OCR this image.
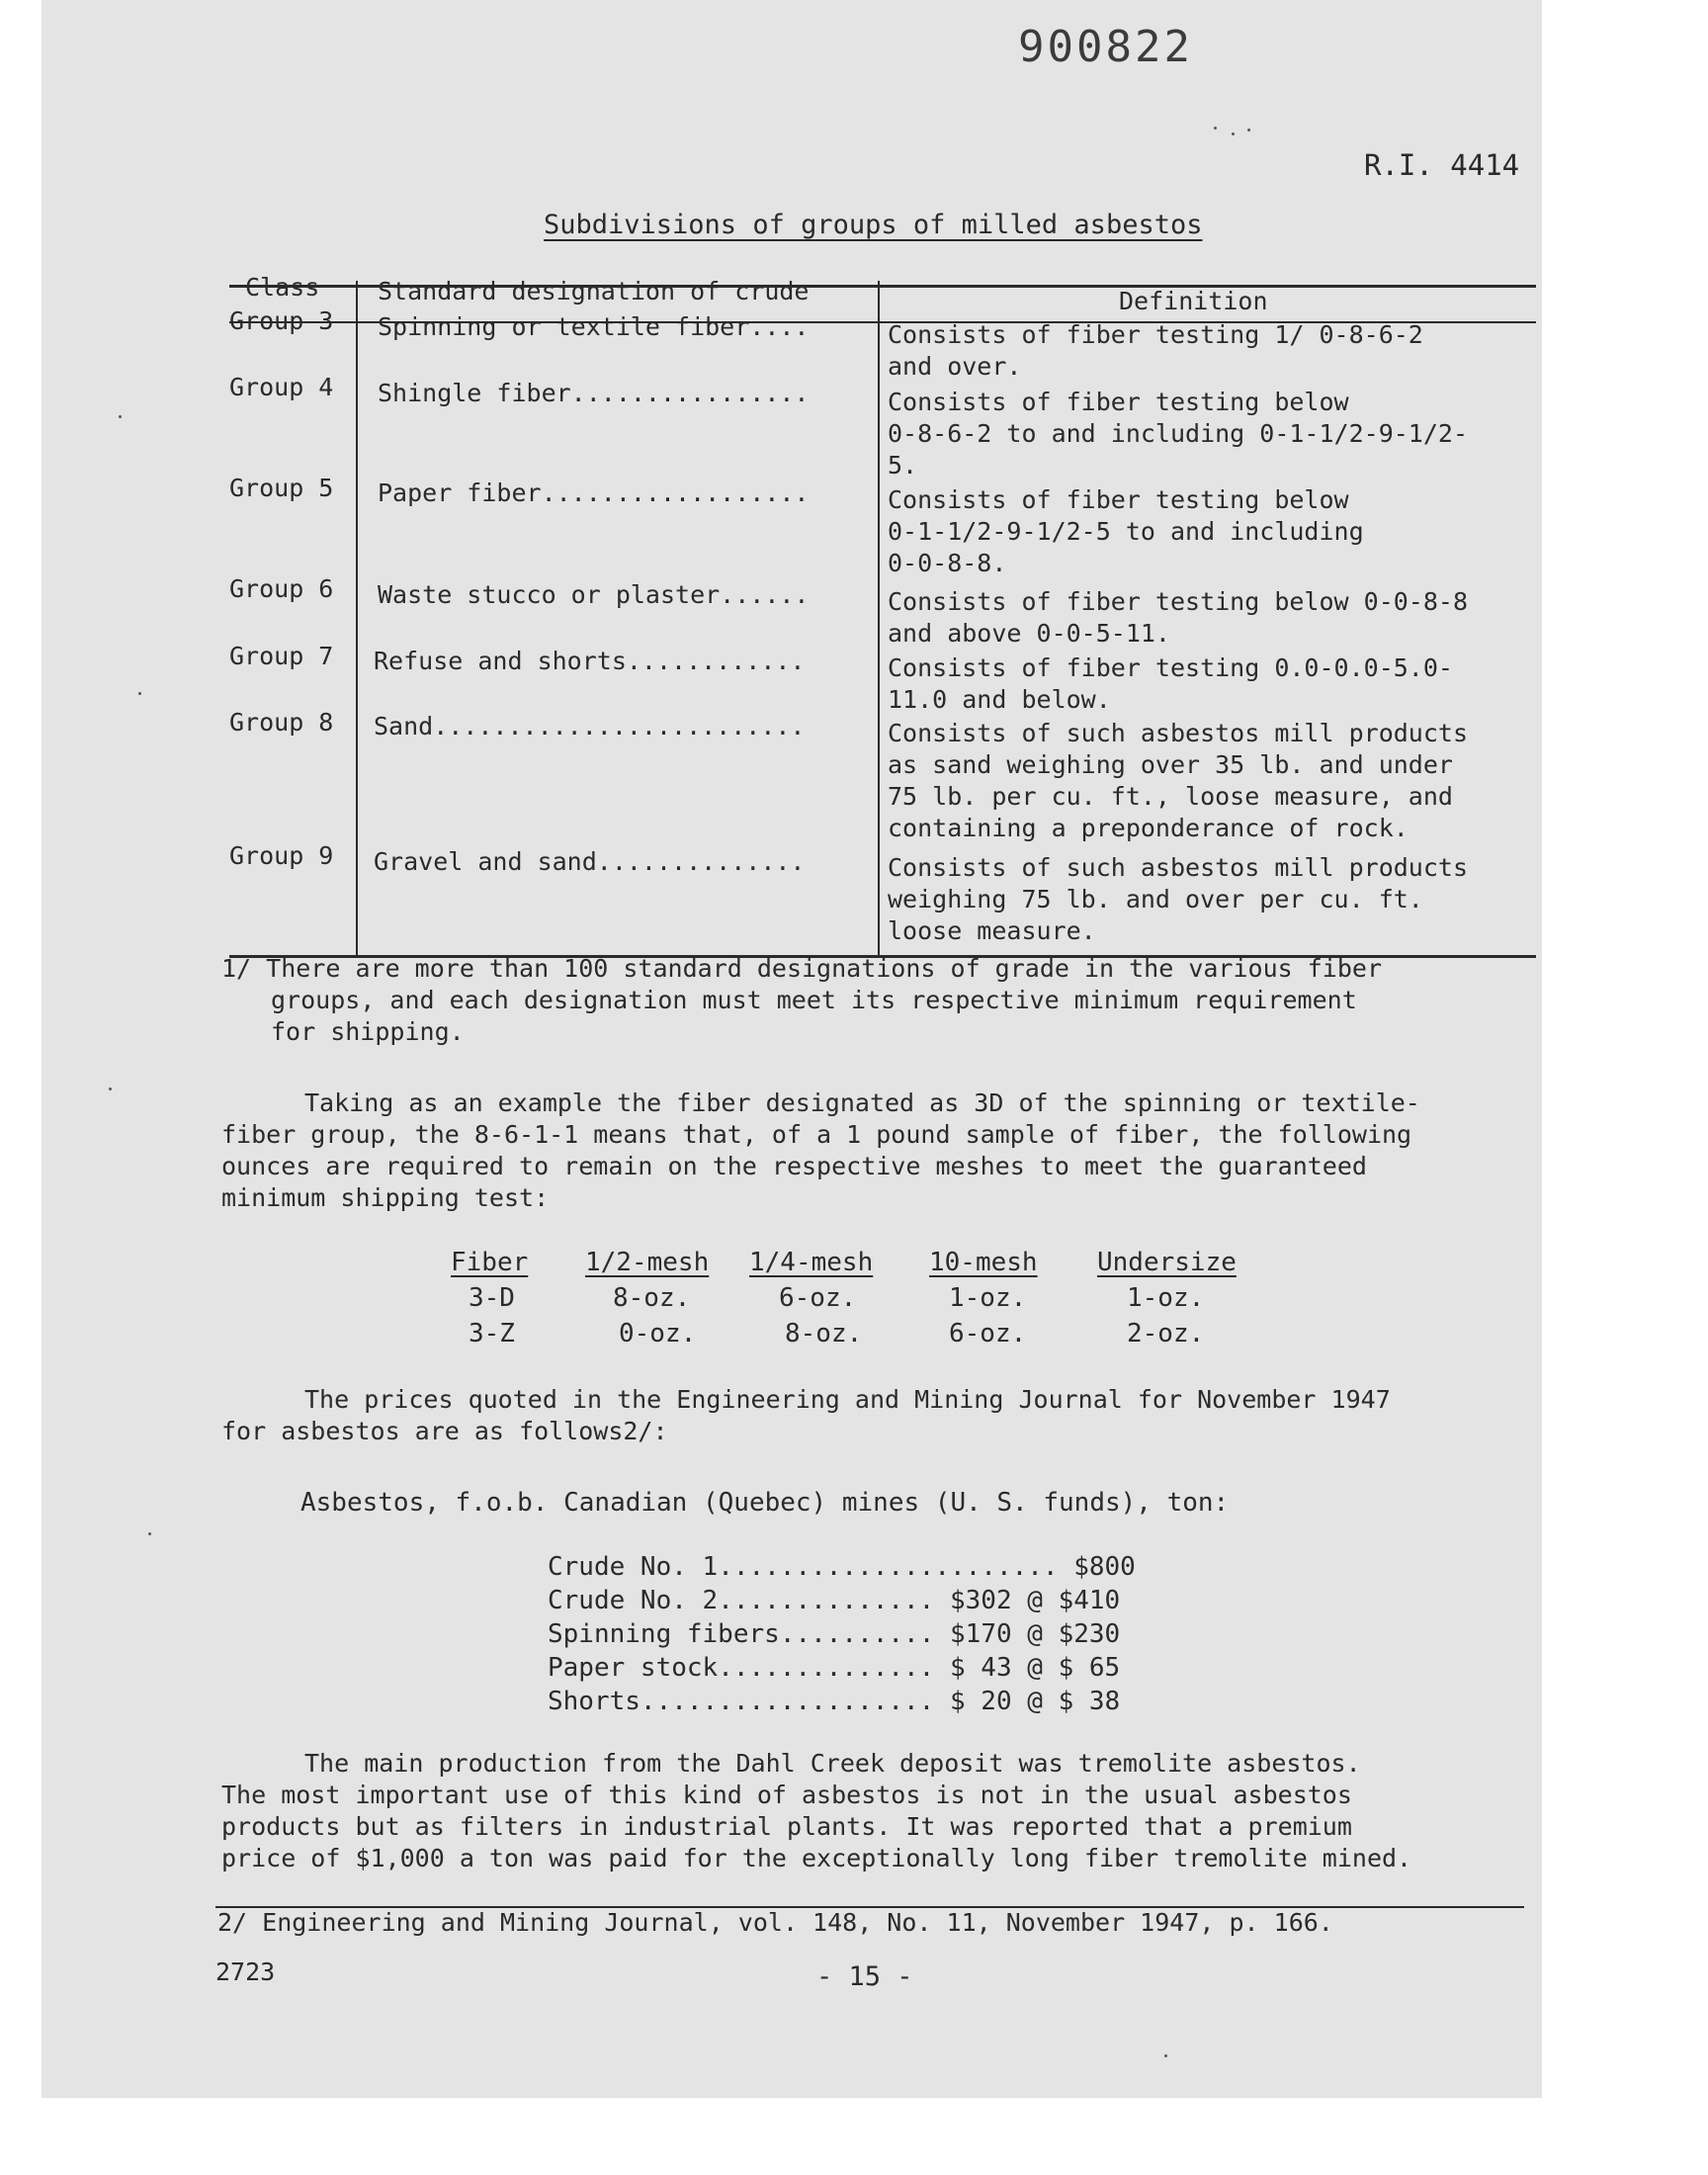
900822
R.I. 4414
Subdivisions of groups of milled asbestos
Class Standard designation of crude	Definition
Group 3 Spinning or textile fiber....	Consists of fiber testing 1/ 0-8-6-2
and over.
Group 4 Shingle fiber................	Consists of fiber testing below
0-8-6-2 to and including 0-1-1/2-9-1/2-
5.
Group 5 Paper fiber..................	Consists of fiber testing below
0-1-1/2-9-1/2-5 to and including
0-0-8-8.
Group 6 Waste stucco or plaster......	Consists of fiber testing below 0-0-8-8
and above 0-0-5-11.
Group 7 Refuse and shorts............	Consists of fiber testing 0.0-0.0-5.0-
11.0 and below.
Group 8 Sand.........................	Consists of such asbestos mill products
as sand weighing over 35 lb. and under
75 lb. per cu. ft., loose measure, and
containing a preponderance of rock.
Group 9 Gravel and sand..............	Consists of such asbestos mill products
weighing 75 lb. and over per cu. ft.
loose measure.
1/ There are more than 100 standard designations of grade in the various fiber
groups, and each designation must meet its respective minimum requirement
for shipping.
Taking as an example the fiber designated as 3D of the spinning or textile-
fiber group, the 8-6-1-1 means that, of a 1 pound sample of fiber, the following
ounces are required to remain on the respective meshes to meet the guaranteed
minimum shipping test:
Fiber 1/2-mesh 1/4-mesh 10-mesh Undersize
3-D	8-oz.	6-oz.	1-oz.	1-oz.
3-Z	0-oz.	8-oz.	6-oz.	2-oz.
The prices quoted in the Engineering and Mining Journal for November 1947
for asbestos are as follows2/:
Asbestos, f.o.b. Canadian (Quebec) mines (U. S. funds), ton:
Crude No. 1...................... $800
Crude No. 2.............. $302 @ $410
Spinning fibers.......... $170 @ $230
Paper stock.............. $ 43 @ $ 65
Shorts................... $ 20 @ $ 38
The main production from the Dahl Creek deposit was tremolite asbestos.
The most important use of this kind of asbestos is not in the usual asbestos
products but as filters in industrial plants. It was reported that a premium
price of $1,000 a ton was paid for the exceptionally long fiber tremolite mined.
2/ Engineering and Mining Journal, vol. 148, No. 11, November 1947, p. 166.
2723	- 15 -
